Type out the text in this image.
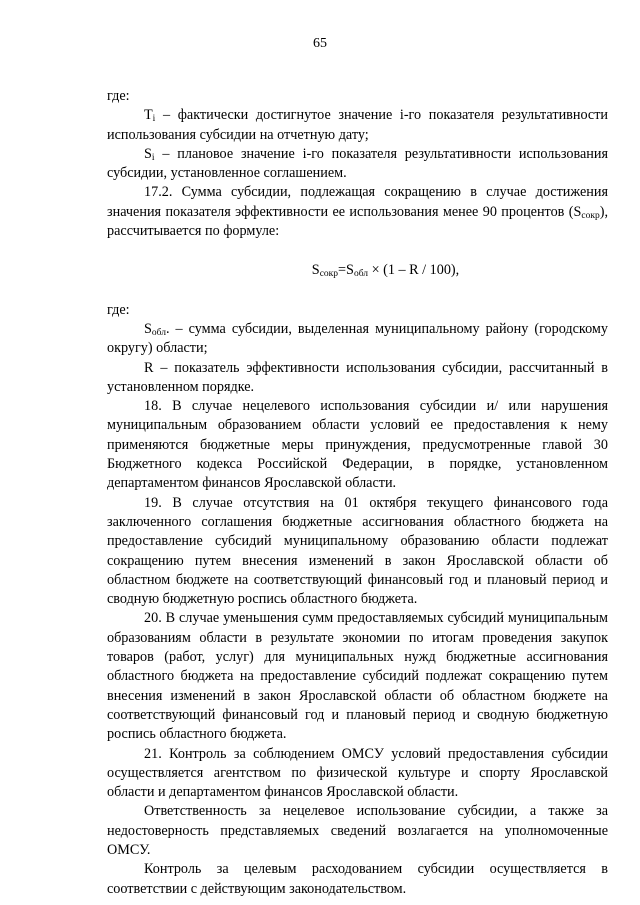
65

где:

$T_i$ – фактически достигнутое значение i-го показателя результативности использования субсидии на отчетную дату;

$S_i$ – плановое значение i-го показателя результативности использования субсидии, установленное соглашением.

17.2. Сумма субсидии, подлежащая сокращению в случае достижения значения показателя эффективности ее использования менее 90 процентов $(S_{сокр})$, рассчитывается по формуле:

$S_{сокр}=S_{обл} \times (1 - R / 100)$,

где:

$S_{обл}$. – сумма субсидии, выделенная муниципальному району (городскому округу) области;

R – показатель эффективности использования субсидии, рассчитанный в установленном порядке.

18. В случае нецелевого использования субсидии и/ или нарушения муниципальным образованием области условий ее предоставления к нему применяются бюджетные меры принуждения, предусмотренные главой 30 Бюджетного кодекса Российской Федерации, в порядке, установленном департаментом финансов Ярославской области.

19. В случае отсутствия на 01 октября текущего финансового года заключенного соглашения бюджетные ассигнования областного бюджета на предоставление субсидий муниципальному образованию области подлежат сокращению путем внесения изменений в закон Ярославской области об областном бюджете на соответствующий финансовый год и плановый период и сводную бюджетную роспись областного бюджета.

20. В случае уменьшения сумм предоставляемых субсидий муниципальным образованиям области в результате экономии по итогам проведения закупок товаров (работ, услуг) для муниципальных нужд бюджетные ассигнования областного бюджета на предоставление субсидий подлежат сокращению путем внесения изменений в закон Ярославской области об областном бюджете на соответствующий финансовый год и плановый период и сводную бюджетную роспись областного бюджета.

21. Контроль за соблюдением ОМСУ условий предоставления субсидии осуществляется агентством по физической культуре и спорту Ярославской области и департаментом финансов Ярославской области.

Ответственность за нецелевое использование субсидии, а также за недостоверность представляемых сведений возлагается на уполномоченные ОМСУ.

Контроль за целевым расходованием субсидии осуществляется в соответствии с действующим законодательством.
